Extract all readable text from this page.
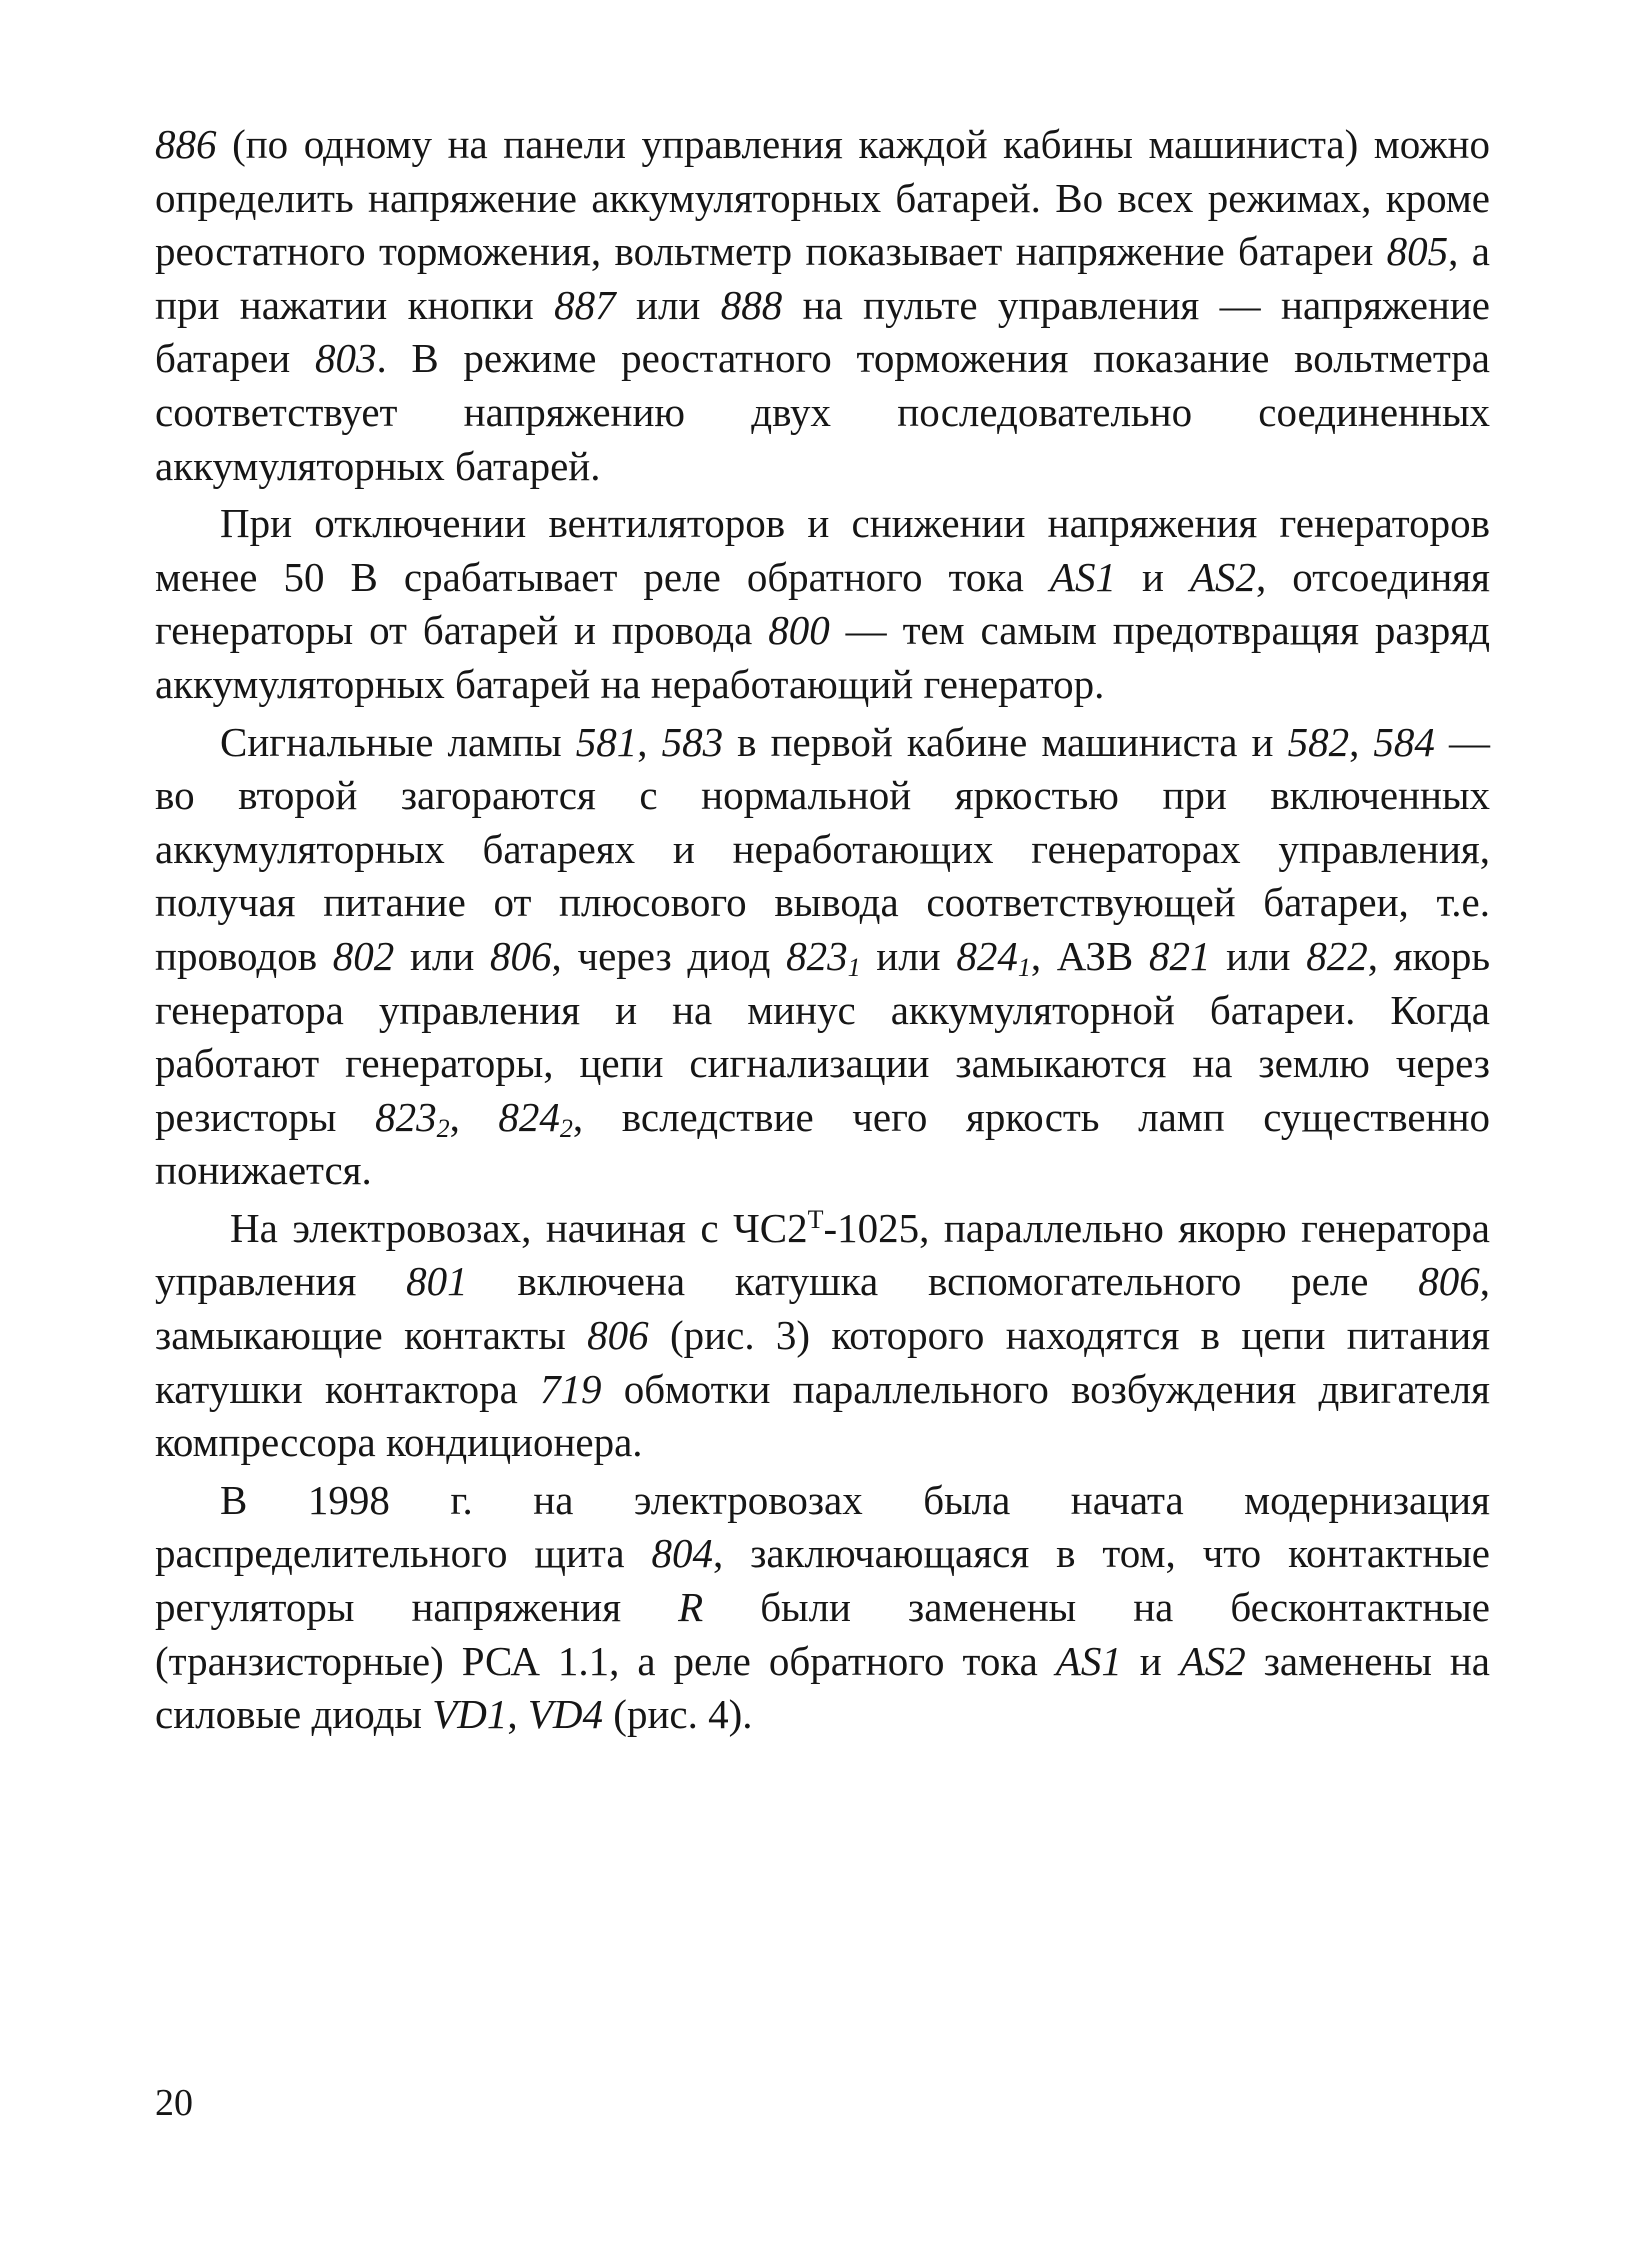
886 (по одному на панели управления каждой кабины машиниста) можно определить напряжение аккумуляторных батарей. Во всех режимах, кроме реостатного торможения, вольтметр показывает напряжение батареи 805, а при нажатии кнопки 887 или 888 на пульте управления — напряжение батареи 803. В режиме реостатного торможения показание вольтметра соответствует напряжению двух последовательно соединенных аккумуляторных батарей.

При отключении вентиляторов и снижении напряжения генераторов менее 50 В срабатывает реле обратного тока AS1 и AS2, отсоединяя генераторы от батарей и провода 800 — тем самым предотвращяя разряд аккумуляторных батарей на неработающий генератор.

Сигнальные лампы 581, 583 в первой кабине машиниста и 582, 584 — во второй загораются с нормальной яркостью при включенных аккумуляторных батареях и неработающих генераторах управления, получая питание от плюсового вывода соответствующей батареи, т.е. проводов 802 или 806, через диод $823_1$ или $824_1$, АЗВ 821 или 822, якорь генератора управления и на минус аккумуляторной батареи. Когда работают генераторы, цепи сигнализации замыкаются на землю через резисторы $823_2$, $824_2$, вследствие чего яркость ламп существенно понижается.

На электровозах, начиная с $ЧС2^Т-1025$, параллельно якорю генератора управления 801 включена катушка вспомогательного реле 806, замыкающие контакты 806 (рис. 3) которого находятся в цепи питания катушки контактора 719 обмотки параллельного возбуждения двигателя компрессора кондиционера.

В 1998 г. на электровозах была начата модернизация распределительного щита 804, заключающаяся в том, что контактные регуляторы напряжения R были заменены на бесконтактные (транзисторные) РСА 1.1, а реле обратного тока AS1 и AS2 заменены на силовые диоды VD1, VD4 (рис. 4).

20
